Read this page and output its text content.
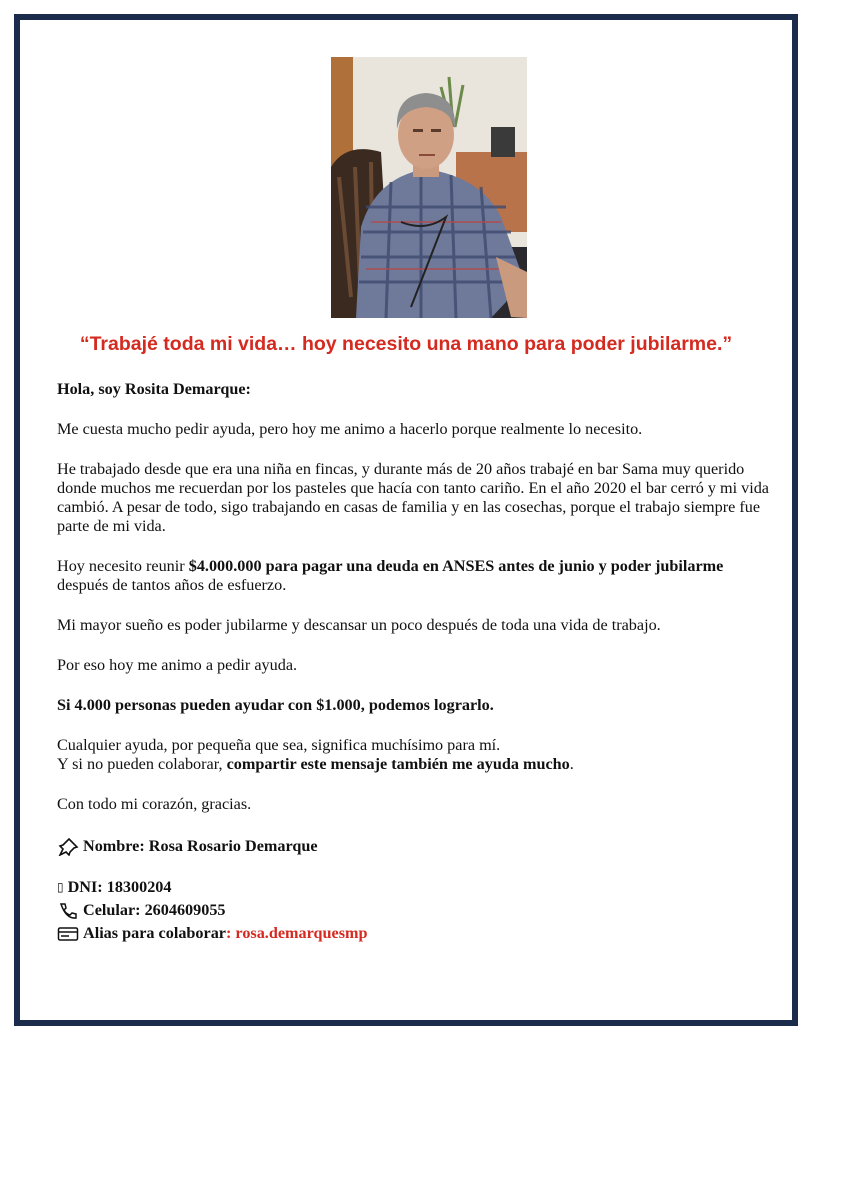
“Trabajé toda mi vida… hoy necesito una mano para poder jubilarme.”

Hola, soy Rosita Demarque:

Me cuesta mucho pedir ayuda, pero hoy me animo a hacerlo porque realmente lo necesito.

He trabajado desde que era una niña en fincas, y durante más de 20 años trabajé en bar Sama muy querido donde muchos me recuerdan por los pasteles que hacía con tanto cariño. En el año 2020 el bar cerró y mi vida cambió. A pesar de todo, sigo trabajando en casas de familia y en las cosechas, porque el trabajo siempre fue parte de mi vida.

Hoy necesito reunir $4.000.000 para pagar una deuda en ANSES antes de junio y poder jubilarme después de tantos años de esfuerzo.

Mi mayor sueño es poder jubilarme y descansar un poco después de toda una vida de trabajo.

Por eso hoy me animo a pedir ayuda.

Si 4.000 personas pueden ayudar con $1.000, podemos lograrlo.

Cualquier ayuda, por pequeña que sea, significa muchísimo para mí.
Y si no pueden colaborar, compartir este mensaje también me ayuda mucho.

Con todo mi corazón, gracias.

Nombre: Rosa Rosario Demarque
▯ DNI: 18300204
Celular: 2604609055
Alias para colaborar : rosa.demarquesmp
